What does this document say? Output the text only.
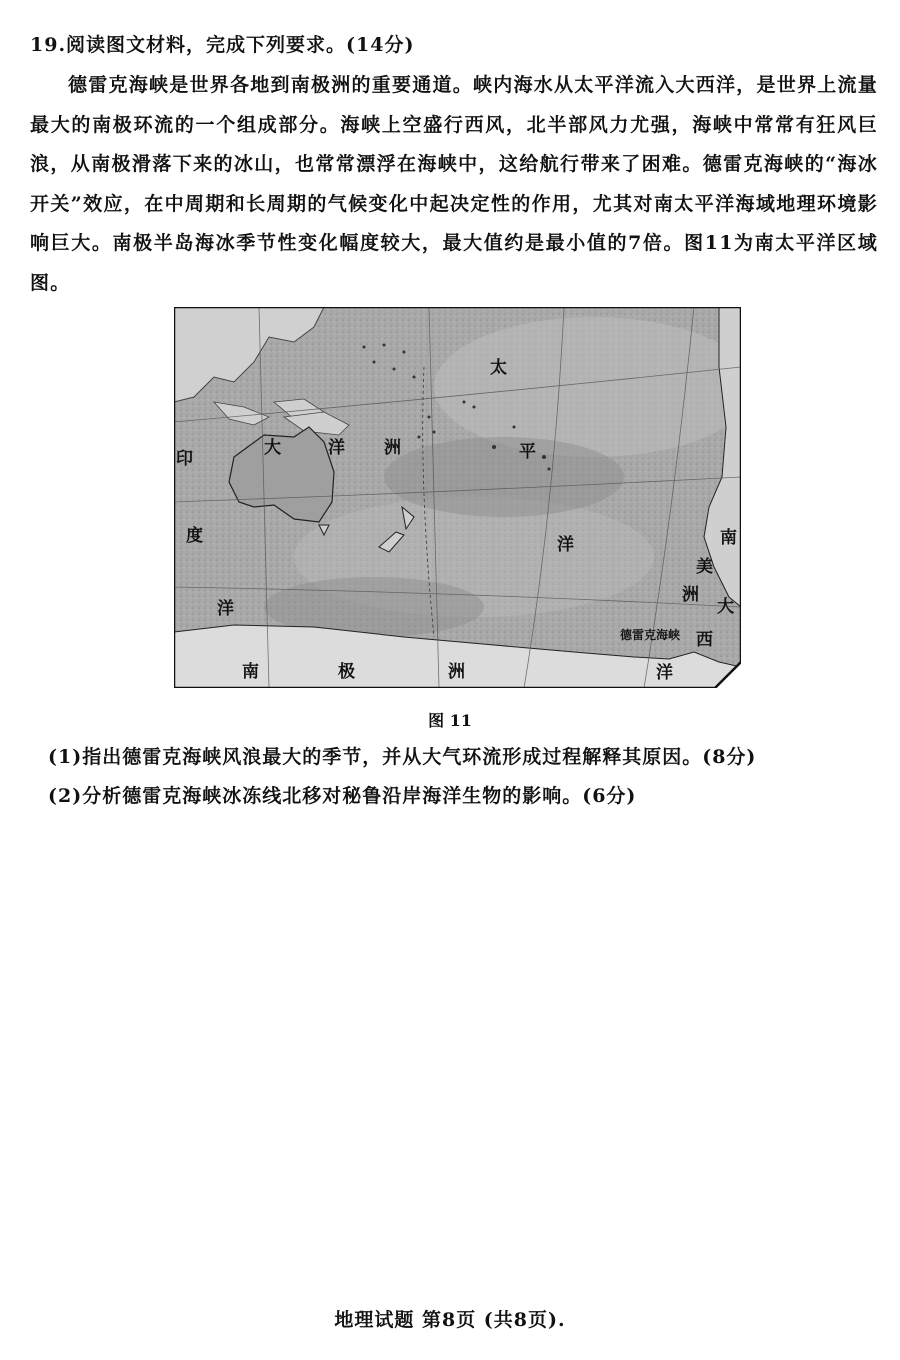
19.阅读图文材料，完成下列要求。(14分)

德雷克海峡是世界各地到南极洲的重要通道。峡内海水从太平洋流入大西洋，是世界上流量最大的南极环流的一个组成部分。海峡上空盛行西风，北半部风力尤强，海峡中常常有狂风巨浪，从南极滑落下来的冰山，也常常漂浮在海峡中，这给航行带来了困难。德雷克海峡的“海冰开关”效应，在中周期和长周期的气候变化中起决定性的作用，尤其对南太平洋海域地理环境影响巨大。南极半岛海冰季节性变化幅度较大，最大值约是最小值的7倍。图11为南太平洋区域图。

太
大	洋 洲	平
洋
印
度
洋
南
美
洲
大
西
洋
南	极	洲
德雷克海峡
图 11
(1)指出德雷克海峡风浪最大的季节，并从大气环流形成过程解释其原因。(8分)
(2)分析德雷克海峡冰冻线北移对秘鲁沿岸海洋生物的影响。(6分)
地理试题 第8页 (共8页).
